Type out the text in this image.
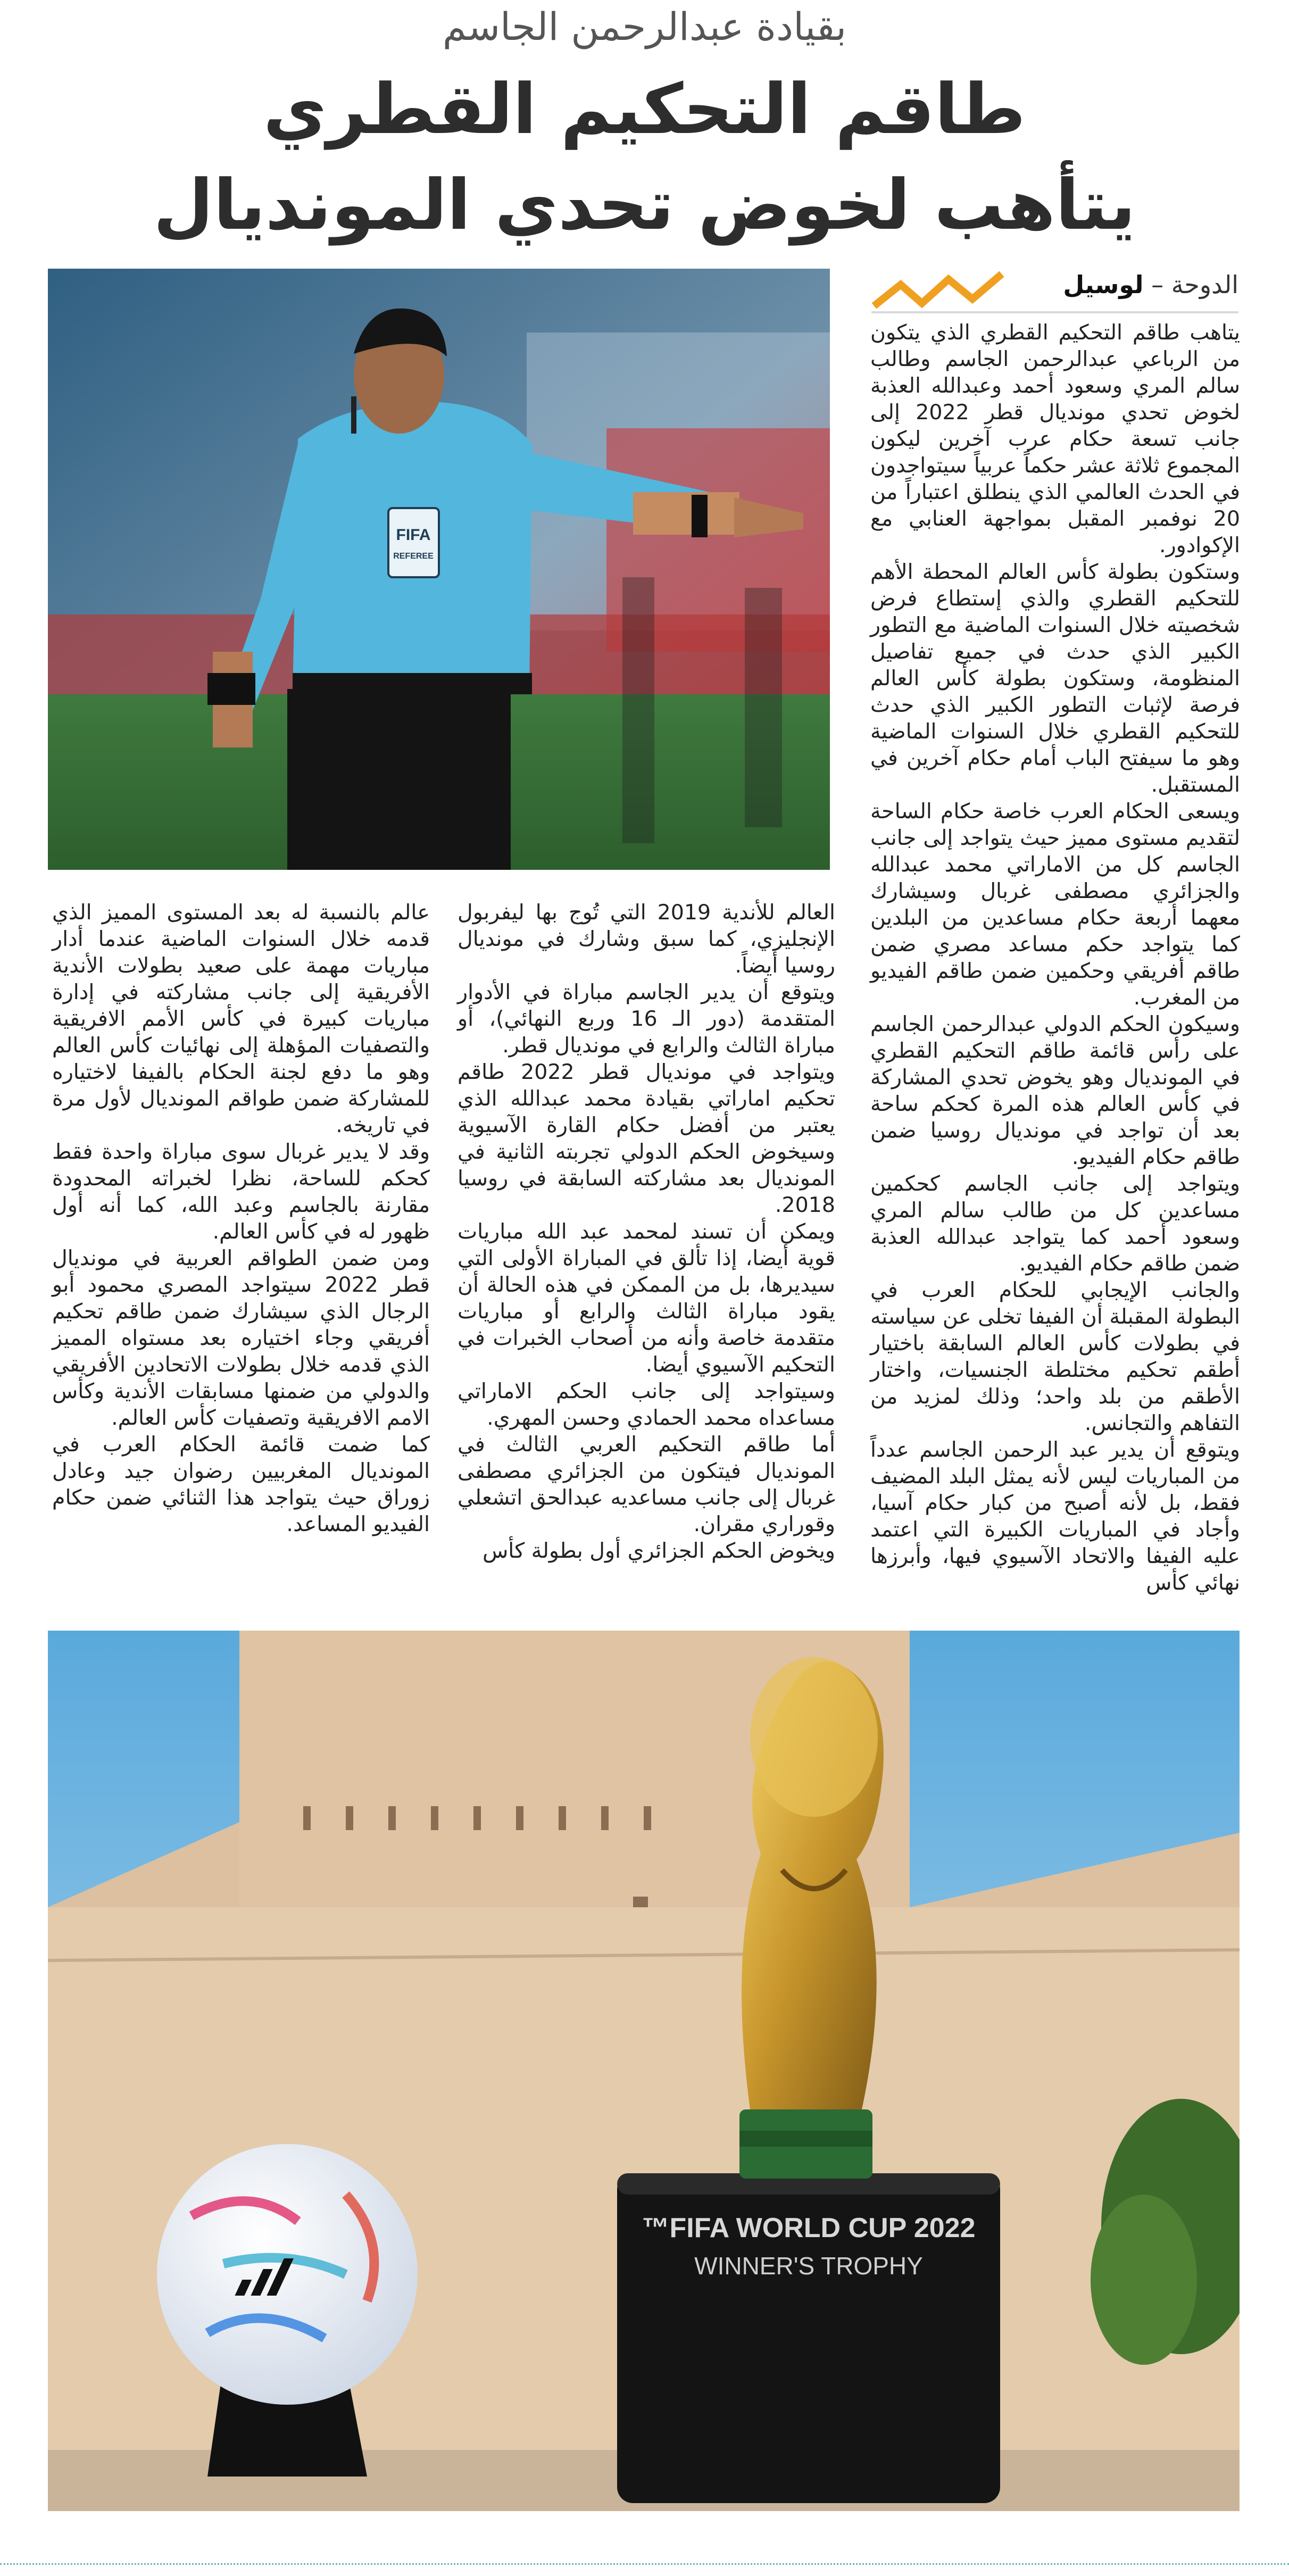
بقيادة عبدالرحمن الجاسم
طاقم التحكيم القطري
يتأهب لخوض تحدي المونديال
الدوحة – لوسيل
FIFA
REFEREE

يتاهب طاقم التحكيم القطري الذي يتكون من الرباعي عبدالرحمن الجاسم وطالب سالم المري وسعود أحمد وعبدالله العذبة لخوض تحدي مونديال قطر 2022 إلى جانب تسعة حكام عرب آخرين ليكون المجموع ثلاثة عشر حكماً عربياً سيتواجدون في الحدث العالمي الذي ينطلق اعتباراً من 20 نوفمبر المقبل بمواجهة العنابي مع الإكوادور.

وستكون بطولة كأس العالم المحطة الأهم للتحكيم القطري والذي إستطاع فرض شخصيته خلال السنوات الماضية مع التطور الكبير الذي حدث في جميع تفاصيل المنظومة، وستكون بطولة كأس العالم فرصة لإثبات التطور الكبير الذي حدث للتحكيم القطري خلال السنوات الماضية وهو ما سيفتح الباب أمام حكام آخرين في المستقبل.

ويسعى الحكام العرب خاصة حكام الساحة لتقديم مستوى مميز حيث يتواجد إلى جانب الجاسم كل من الاماراتي محمد عبدالله والجزائري مصطفى غربال وسيشارك معهما أربعة حكام مساعدين من البلدين كما يتواجد حكم مساعد مصري ضمن طاقم أفريقي وحكمين ضمن طاقم الفيديو من المغرب.

وسيكون الحكم الدولي عبدالرحمن الجاسم على رأس قائمة طاقم التحكيم القطري في المونديال وهو يخوض تحدي المشاركة في كأس العالم هذه المرة كحكم ساحة بعد أن تواجد في مونديال روسيا ضمن طاقم حكام الفيديو.

ويتواجد إلى جانب الجاسم كحكمين مساعدين كل من طالب سالم المري وسعود أحمد كما يتواجد عبدالله العذبة ضمن طاقم حكام الفيديو.

والجانب الإيجابي للحكام العرب في البطولة المقبلة أن الفيفا تخلى عن سياسته في بطولات كأس العالم السابقة باختيار أطقم تحكيم مختلطة الجنسيات، واختار الأطقم من بلد واحد؛ وذلك لمزيد من التفاهم والتجانس.

ويتوقع أن يدير عبد الرحمن الجاسم عدداً من المباريات ليس لأنه يمثل البلد المضيف فقط، بل لأنه أصبح من كبار حكام آسيا، وأجاد في المباريات الكبيرة التي اعتمد عليه الفيفا والاتحاد الآسيوي فيها، وأبرزها نهائي كأس

العالم للأندية 2019 التي تُوج بها ليفربول الإنجليزي، كما سبق وشارك في مونديال روسيا أيضاً.

ويتوقع أن يدير الجاسم مباراة في الأدوار المتقدمة (دور الـ 16 وربع النهائي)، أو مباراة الثالث والرابع في مونديال قطر.

ويتواجد في مونديال قطر 2022 طاقم تحكيم اماراتي بقيادة محمد عبدالله الذي يعتبر من أفضل حكام القارة الآسيوية وسيخوض الحكم الدولي تجربته الثانية في المونديال بعد مشاركته السابقة في روسيا 2018.

ويمكن أن تسند لمحمد عبد الله مباريات قوية أيضا، إذا تألق في المباراة الأولى التي سيديرها، بل من الممكن في هذه الحالة أن يقود مباراة الثالث والرابع أو مباريات متقدمة خاصة وأنه من أصحاب الخبرات في التحكيم الآسيوي أيضا.

وسيتواجد إلى جانب الحكم الاماراتي مساعداه محمد الحمادي وحسن المهري.

أما طاقم التحكيم العربي الثالث في المونديال فيتكون من الجزائري مصطفى غربال إلى جانب مساعديه عبدالحق اتشعلي وقوراري مقران.

ويخوض الحكم الجزائري أول بطولة كأس

عالم بالنسبة له بعد المستوى المميز الذي قدمه خلال السنوات الماضية عندما أدار مباريات مهمة على صعيد بطولات الأندية الأفريقية إلى جانب مشاركته في إدارة مباريات كبيرة في كأس الأمم الافريقية والتصفيات المؤهلة إلى نهائيات كأس العالم وهو ما دفع لجنة الحكام بالفيفا لاختياره للمشاركة ضمن طواقم المونديال لأول مرة في تاريخه.

وقد لا يدير غربال سوى مباراة واحدة فقط كحكم للساحة، نظرا لخبراته المحدودة مقارنة بالجاسم وعبد الله، كما أنه أول ظهور له في كأس العالم.

ومن ضمن الطواقم العربية في مونديال قطر 2022 سيتواجد المصري محمود أبو الرجال الذي سيشارك ضمن طاقم تحكيم أفريقي وجاء اختياره بعد مستواه المميز الذي قدمه خلال بطولات الاتحادين الأفريقي والدولي من ضمنها مسابقات الأندية وكأس الامم الافريقية وتصفيات كأس العالم.

كما ضمت قائمة الحكام العرب في المونديال المغربيين رضوان جيد وعادل زوراق حيث يتواجد هذا الثنائي ضمن حكام الفيديو المساعد.

FIFA WORLD CUP 2022™
WINNER'S TROPHY
